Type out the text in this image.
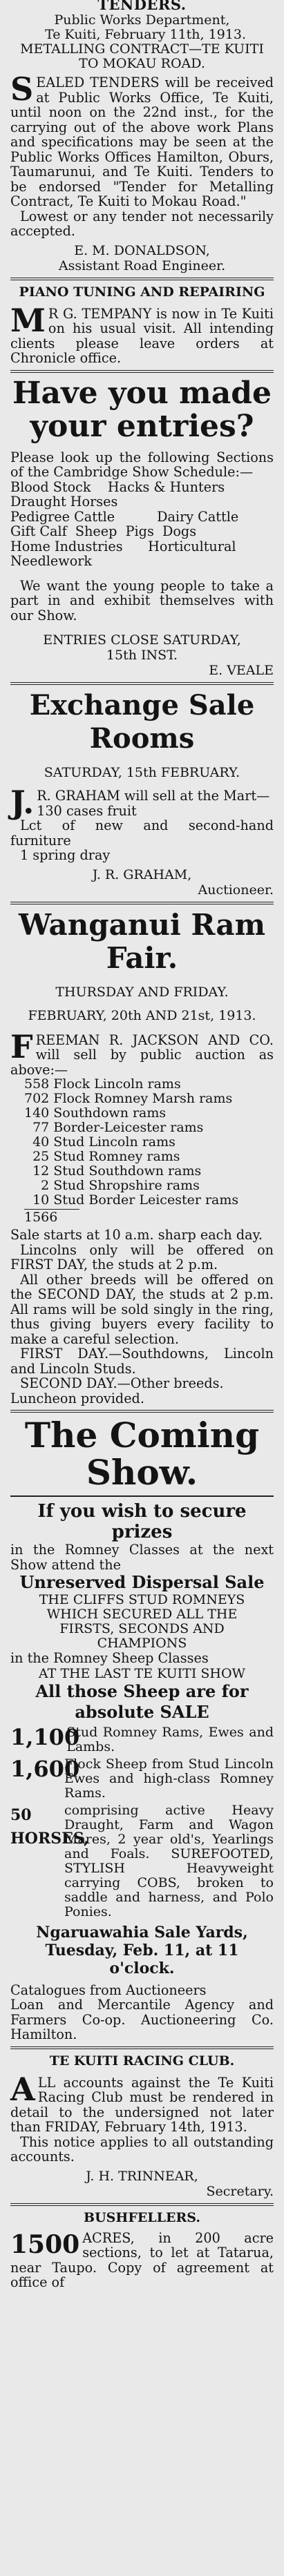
TENDERS.
Public Works Department,
Te Kuiti, February 11th, 1913.
METALLING CONTRACT—TE KUITI TO MOKAU ROAD.
SEALED TENDERS will be received at Public Works Office, Te Kuiti, until noon on the 22nd inst., for the carrying out of the above work Plans and specifications may be seen at the Public Works Offices Hamilton, Oburs, Taumarunui, and Te Kuiti. Tenders to be endorsed "Tender for Metalling Contract, Te Kuiti to Mokau Road."
Lowest or any tender not necessarily accepted.
E. M. DONALDSON,
Assistant Road Engineer.
PIANO TUNING AND REPAIRING
M R G. TEMPANY is now in Te Kuiti on his usual visit. All intending clients please leave orders at Chronicle office.
Have you made your entries?
Please look up the following Sections of the Cambridge Show Schedule:—
Blood Stock    Hacks & Hunters
Draught Horses
Pedigree Cattle          Dairy Cattle
Gift Calf  Sheep  Pigs  Dogs
Home Industries      Horticultural
Needlework
We want the young people to take a part in and exhibit themselves with our Show.
ENTRIES CLOSE SATURDAY,
15th INST.
E. VEALE
Exchange Sale Rooms
SATURDAY, 15th FEBRUARY.
J. R. GRAHAM will sell at the Mart—
130 cases fruit
Lct of new and second-hand furniture
1 spring dray
J. R. GRAHAM,
Auctioneer.
Wanganui Ram Fair.
THURSDAY AND FRIDAY.
FEBRUARY, 20th AND 21st, 1913.
FREEMAN R. JACKSON AND CO. will sell by public auction as above:—
558	Flock Lincoln rams
702	Flock Romney Marsh rams
140	Southdown rams
77	Border-Leicester rams
40	Stud Lincoln rams
25	Stud Romney rams
12	Stud Southdown rams
2	Stud Shropshire rams
10	Stud Border Leicester rams
1566
Sale starts at 10 a.m. sharp each day.
Lincolns only will be offered on FIRST DAY, the studs at 2 p.m.
All other breeds will be offered on the SECOND DAY, the studs at 2 p.m. All rams will be sold singly in the ring, thus giving buyers every facility to make a careful selection.
FIRST DAY.—Southdowns, Lincoln and Lincoln Studs.
SECOND DAY.—Other breeds.
Luncheon provided.
The Coming Show.
If you wish to secure prizes
in the Romney Classes at the next Show attend the
Unreserved Dispersal Sale
THE CLIFFS STUD ROMNEYS WHICH SECURED ALL THE FIRSTS, SECONDS AND CHAMPIONS
in the Romney Sheep Classes
AT THE LAST TE KUITI SHOW
All those Sheep are for absolute SALE
1,100
Stud Romney Rams, Ewes and Lambs.
1,600
Flock Sheep from Stud Lincoln Ewes and high-class Romney Rams.
50 HORSES,
comprising active Heavy Draught, Farm and Wagon Mares, 2 year old's, Yearlings and Foals. SUREFOOTED, STYLISH Heavyweight carrying COBS, broken to saddle and harness, and Polo Ponies.
Ngaruawahia Sale Yards, Tuesday, Feb. 11, at 11 o'clock.
Catalogues from Auctioneers
Loan and Mercantile Agency and Farmers Co-op. Auctioneering Co. Hamilton.
TE KUITI RACING CLUB.
ALL accounts against the Te Kuiti Racing Club must be rendered in detail to the undersigned not later than FRIDAY, February 14th, 1913.
This notice applies to all outstanding accounts.
J. H. TRINNEAR,
Secretary.
BUSHFELLERS.
1500 ACRES, in 200 acre sections, to let at Tatarua, near Taupo. Copy of agreement at office of
